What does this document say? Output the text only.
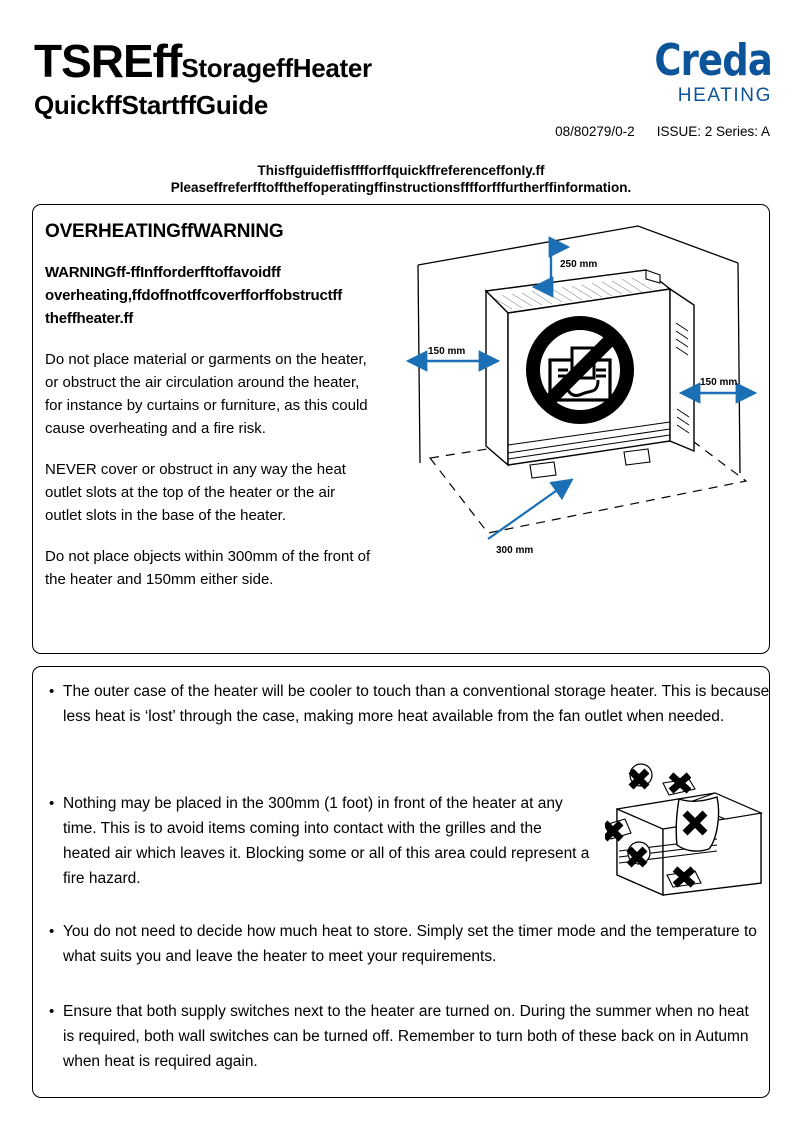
TSREffStorageffHeater
QuickffStartffGuide
Creda
HEATING
08/80279/0-2 ISSUE: 2 Series: A
ThisffguideffisfffforffquickffreferenceffonIy.ff
Pleaseffreferfftofftheffoperatingffinstructionsfffforfffurtherffinformation.
OVERHEATINGffWARNING
WARNINGff-ffInfforderfftoffavoidff
overheating,ffdoffnotffcoverfforffobstructff
theffheater.ff

Do not place material or garments on the heater, or obstruct the air circulation around the heater, for instance by curtains or furniture, as this could cause overheating and a fire risk.

NEVER cover or obstruct in any way the heat outlet slots at the top of the heater or the air outlet slots in the base of the heater.

Do not place objects within 300mm of the front of the heater and 150mm either side.

250 mm
150 mm
150 mm
300 mm
• The outer case of the heater will be cooler to touch than a conventional storage heater. This is because less heat is ‘lost’ through the case, making more heat available from the fan outlet when needed.
• Nothing may be placed in the 300mm (1 foot) in front of the heater at any time. This is to avoid items coming into contact with the grilles and the heated air which leaves it. Blocking some or all of this area could represent a fire hazard.
• You do not need to decide how much heat to store. Simply set the timer mode and the temperature to what suits you and leave the heater to meet your requirements.
• Ensure that both supply switches next to the heater are turned on. During the summer when no heat is required, both wall switches can be turned off. Remember to turn both of these back on in Autumn when heat is required again.
